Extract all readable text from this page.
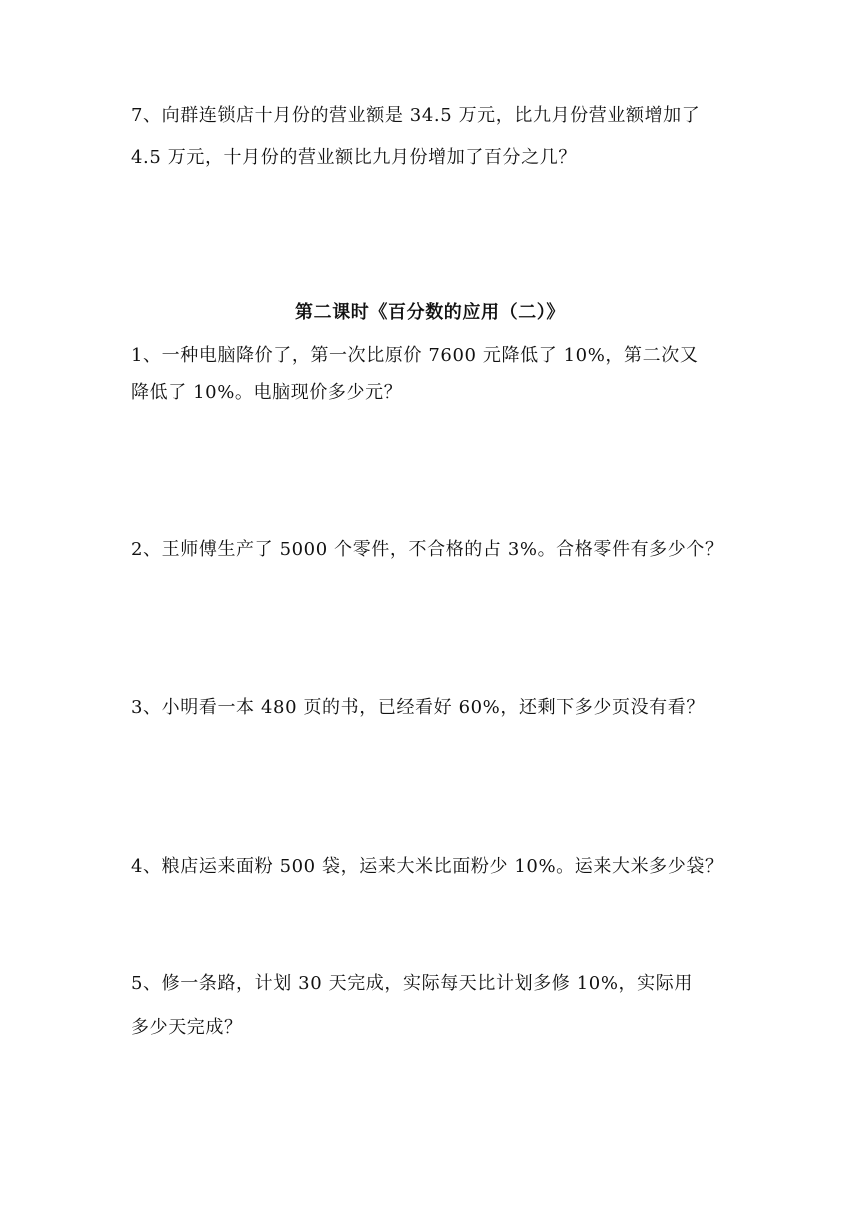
7、向群连锁店十月份的营业额是 34.5 万元，比九月份营业额增加了
4.5 万元，十月份的营业额比九月份增加了百分之几？
第二课时《百分数的应用（二）》
1、一种电脑降价了，第一次比原价 7600 元降低了 10%，第二次又
降低了 10%。电脑现价多少元？
2、王师傅生产了 5000 个零件，不合格的占 3%。合格零件有多少个？
3、小明看一本 480 页的书，已经看好 60%，还剩下多少页没有看？
4、粮店运来面粉 500 袋，运来大米比面粉少 10%。运来大米多少袋？
5、修一条路，计划 30 天完成，实际每天比计划多修 10%，实际用
多少天完成？
